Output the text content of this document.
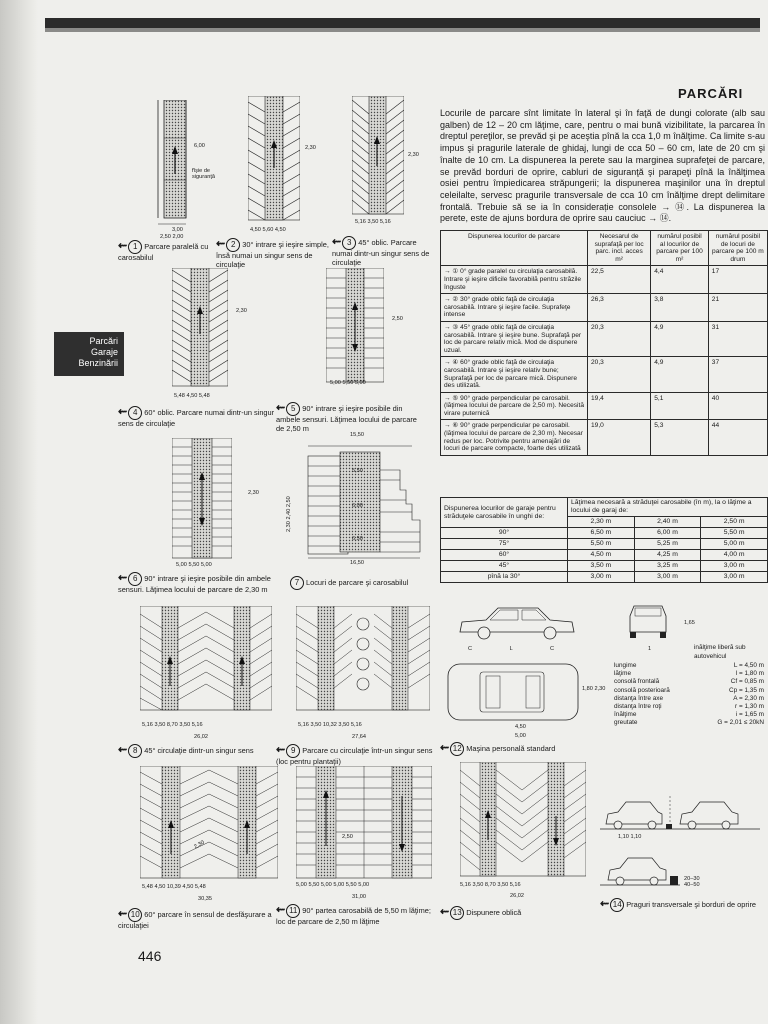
PARCĂRI
Parcări
Garaje
Benzinării
Locurile de parcare sînt limitate în lateral şi în faţă de dungi colorate (alb sau galben) de 12 – 20 cm lăţime, care, pentru o mai bună vizibilitate, la parcarea în dreptul pereţilor, se prevăd şi pe aceştia pînă la cca 1,0 m înălţime. Ca limite s-au impus şi pragurile laterale de ghidaj, lungi de cca 50 – 60 cm, late de 20 cm şi înalte de 10 cm. La dispunerea la perete sau la marginea suprafeţei de parcare, se prevăd borduri de oprire, cabluri de siguranţă şi parapeţi pînă la înălţimea osiei pentru împiedicarea străpungerii; la dispunerea maşinilor una în dreptul celeilalte, servesc pragurile transversale de cca 10 cm înălţime drept delimitare frontală. Trebuie să se ia în considerație consolele → ⑭. La dispunerea la perete, este de ajuns bordura de oprire sau cauciuc → ⑭.
6,00
fîşie de siguranţă
2,50 2,00
3,00
⇜ 1 Parcare paralelă cu carosabilul
2,30
4,50 5,60 4,50
⇜ 2 30° intrare şi ieşire simple, însă numai un singur sens de circulaţie
2,30
5,16 3,50 5,16
⇜ 3 45° oblic. Parcare numai dintr-un singur sens de circulaţie
2,30
5,48 4,50 5,48
⇜ 4 60° oblic. Parcare numai dintr-un singur sens de circulaţie
2,50
5,00 5,50 5,00
⇜ 5 90° intrare şi ieşire posibile din ambele sensuri. Lăţimea locului de parcare de 2,50 m
2,30
5,00 5,50 5,00
⇜ 6 90° intrare şi ieşire posibile din ambele sensuri. Lăţimea locului de parcare de 2,30 m
15,50
16,50
5,50
6,00
6,50
2,30 2,40 2,50
7 Locuri de parcare şi carosabilul
5,16 3,50 8,70 3,50 5,16
26,02
⇜ 8 45° circulaţie dintr-un singur sens
5,16 3,50 10,32 3,50 5,16
27,64
⇜ 9 Parcare cu circulaţie într-un singur sens (loc pentru plantaţii)
2,30
5,48 4,50 10,39 4,50 5,48
30,35
⇜ 10 60° parcare în sensul de desfăşurare a circulaţiei
2,50
5,00 5,50 5,00 5,00 5,50 5,00
31,00
⇜ 11 90° partea carosabilă de 5,50 m lăţime; loc de parcare de 2,50 m lăţime
5,16 3,50 8,70 3,50 5,16
26,02
⇜ 13 Dispunere oblică
C L C
1,65
1	inălţime liberă sub autovehicul
1,80 2,30
4,50
5,00
lungime	L = 4,50 m
lăţime	l = 1,80 m
consolă frontală	Cf = 0,85 m
consolă posterioară	Cp = 1,35 m
distanţa între axe	A = 2,30 m
distanţa între roţi	r = 1,30 m
înălţime	i = 1,65 m
greutate	G = 2,01 ≤ 20kN
⇜ 12 Maşina personală standard
1,10 1,10
20–30
40–50
⇜ 14 Praguri transversale şi borduri de oprire
Dispunerea locurilor de parcare	Necesarul de suprafaţă per loc parc. incl. acces m²	numărul posibil al locurilor de parcare per 100 m²	numărul posibil de locuri de parcare pe 100 m drum
→ ① 0° grade paralel cu circulaţia carosabilă. Intrare şi ieşire dificile favorabilă pentru străzile înguste	22,5	4,4	17
→ ② 30° grade oblic faţă de circulaţia carosabilă. Intrare şi ieşire facile. Suprafeţe intense	26,3	3,8	21
→ ③ 45° grade oblic faţă de circulaţia carosabilă. Intrare şi ieşire bune. Suprafaţă per loc de parcare relativ mică. Mod de dispunere uzual.	20,3	4,9	31
→ ④ 60° grade oblic faţă de circulaţia carosabilă. Intrare şi ieşire relativ bune; Suprafaţă per loc de parcare mică. Dispunere des utilizată.	20,3	4,9	37
→ ⑤ 90° grade perpendicular pe carosabil. (lăţimea locului de parcare de 2,50 m). Necesită virare puternică	19,4	5,1	40
→ ⑥ 90° grade perpendicular pe carosabil. (lăţimea locului de parcare de 2,30 m). Necesar redus per loc. Potrivite pentru amenajări de locuri de parcare compacte, foarte des utilizată	19,0	5,3	44
Dispunerea locurilor de garaje pentru străduţele carosabile în unghi de:	Lăţimea necesară a străduţei carosabile (în m), la o lăţime a locului de garaj de:		
	2,30 m	2,40 m	2,50 m
90°	6,50 m	6,00 m	5,50 m
75°	5,50 m	5,25 m	5,00 m
60°	4,50 m	4,25 m	4,00 m
45°	3,50 m	3,25 m	3,00 m
pînă la 30°	3,00 m	3,00 m	3,00 m
446
